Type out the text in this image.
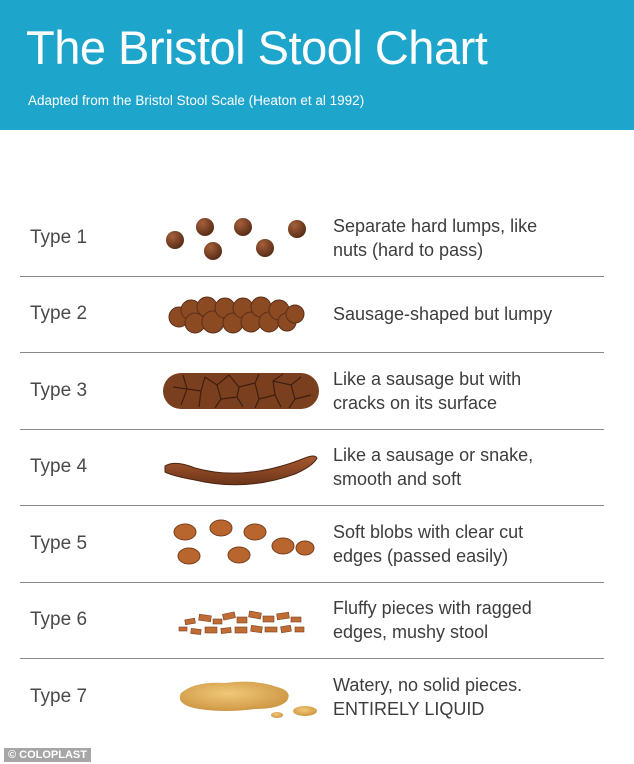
The Bristol Stool Chart
Adapted from the Bristol Stool Scale (Heaton et al 1992)
Type 1
Separate hard lumps, like
nuts (hard to pass)
Type 2	Sausage-shaped but lumpy
Type 3
Like a sausage but with
cracks on its surface
Type 4
Like a sausage or snake,
smooth and soft
Type 5
Soft blobs with clear cut
edges (passed easily)
Type 6
Fluffy pieces with ragged
edges, mushy stool
Type 7
Watery, no solid pieces.
ENTIRELY LIQUID
© COLOPLAST
